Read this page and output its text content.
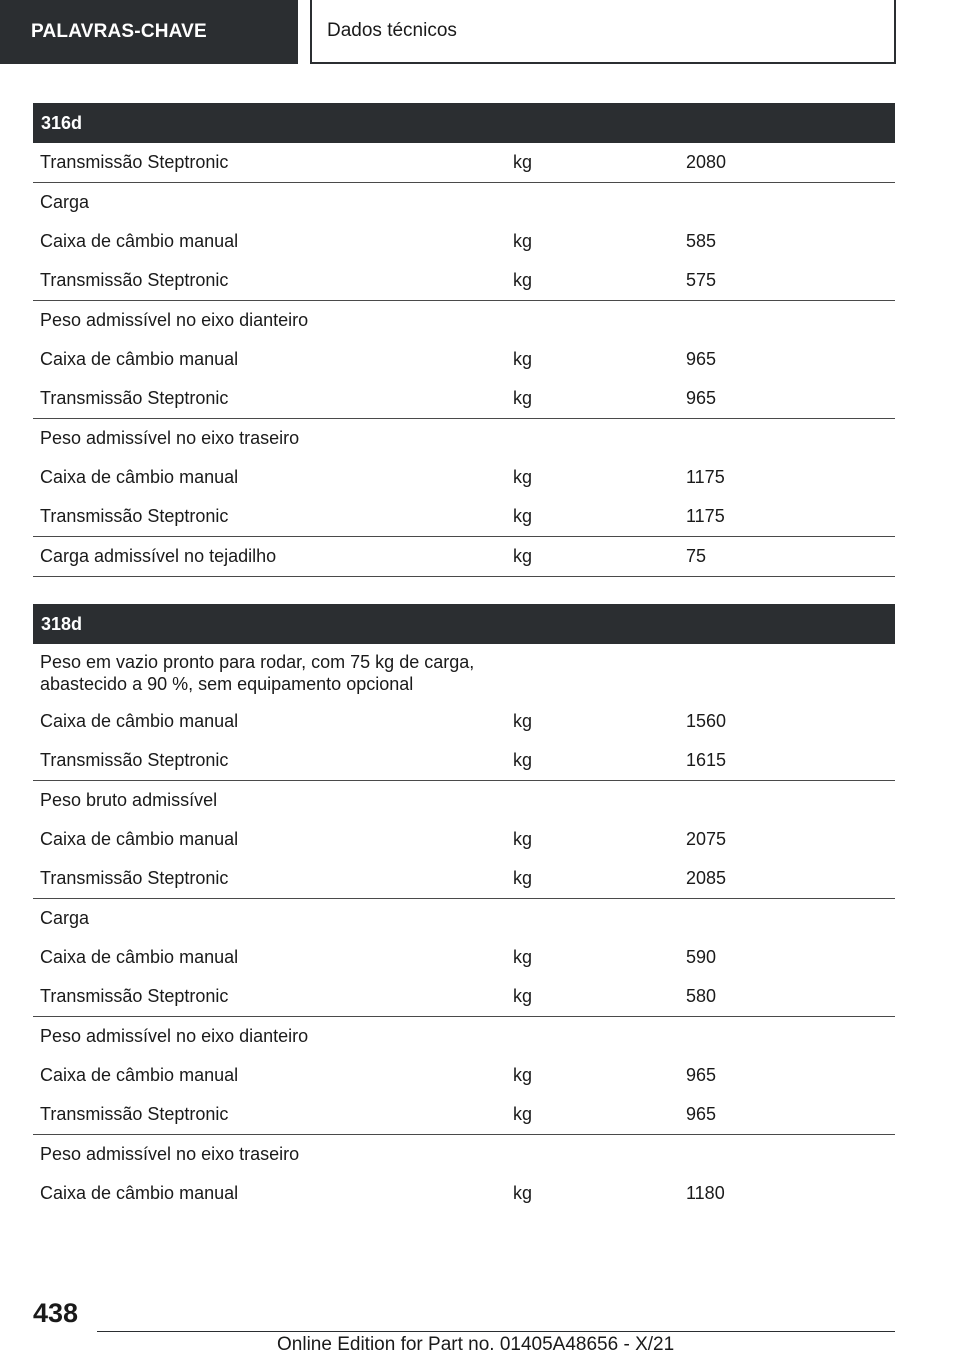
PALAVRAS-CHAVE	Dados técnicos
316d
Transmissão Steptronic	kg	2080
Carga
Caixa de câmbio manual	kg	585
Transmissão Steptronic	kg	575
Peso admissível no eixo dianteiro
Caixa de câmbio manual	kg	965
Transmissão Steptronic	kg	965
Peso admissível no eixo traseiro
Caixa de câmbio manual	kg	1175
Transmissão Steptronic	kg	1175
Carga admissível no tejadilho	kg	75
318d
Peso em vazio pronto para rodar, com 75 kg de carga, abastecido a 90 %, sem equipamento opcional
Caixa de câmbio manual	kg	1560
Transmissão Steptronic	kg	1615
Peso bruto admissível
Caixa de câmbio manual	kg	2075
Transmissão Steptronic	kg	2085
Carga
Caixa de câmbio manual	kg	590
Transmissão Steptronic	kg	580
Peso admissível no eixo dianteiro
Caixa de câmbio manual	kg	965
Transmissão Steptronic	kg	965
Peso admissível no eixo traseiro
Caixa de câmbio manual	kg	1180
438
Online Edition for Part no. 01405A48656 - X/21
